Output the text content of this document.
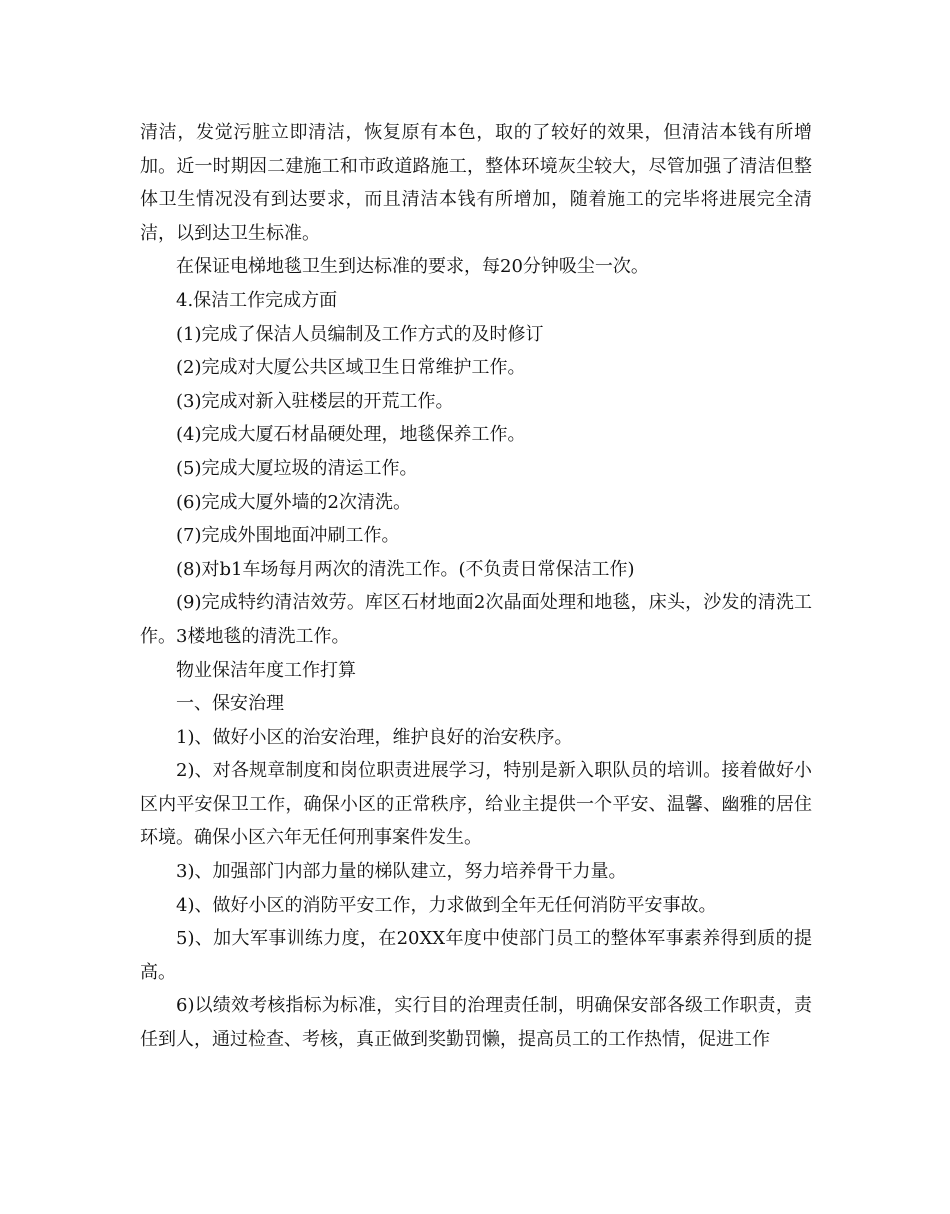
清洁，发觉污脏立即清洁，恢复原有本色，取的了较好的效果，但清洁本钱有所增加。近一时期因二建施工和市政道路施工，整体环境灰尘较大，尽管加强了清洁但整体卫生情况没有到达要求，而且清洁本钱有所增加，随着施工的完毕将进展完全清洁，以到达卫生标准。

在保证电梯地毯卫生到达标准的要求，每20分钟吸尘一次。

4.保洁工作完成方面

(1)完成了保洁人员编制及工作方式的及时修订

(2)完成对大厦公共区域卫生日常维护工作。

(3)完成对新入驻楼层的开荒工作。

(4)完成大厦石材晶硬处理，地毯保养工作。

(5)完成大厦垃圾的清运工作。

(6)完成大厦外墙的2次清洗。

(7)完成外围地面冲刷工作。

(8)对b1车场每月两次的清洗工作。(不负责日常保洁工作)

(9)完成特约清洁效劳。库区石材地面2次晶面处理和地毯，床头，沙发的清洗工作。3楼地毯的清洗工作。

物业保洁年度工作打算

一、保安治理

1)、做好小区的治安治理，维护良好的治安秩序。

2)、对各规章制度和岗位职责进展学习，特别是新入职队员的培训。接着做好小区内平安保卫工作，确保小区的正常秩序，给业主提供一个平安、温馨、幽雅的居住环境。确保小区六年无任何刑事案件发生。

3)、加强部门内部力量的梯队建立，努力培养骨干力量。

4)、做好小区的消防平安工作，力求做到全年无任何消防平安事故。

5)、加大军事训练力度，在20XX年度中使部门员工的整体军事素养得到质的提高。

6)以绩效考核指标为标准，实行目的治理责任制，明确保安部各级工作职责，责任到人，通过检查、考核，真正做到奖勤罚懒，提高员工的工作热情，促进工作
